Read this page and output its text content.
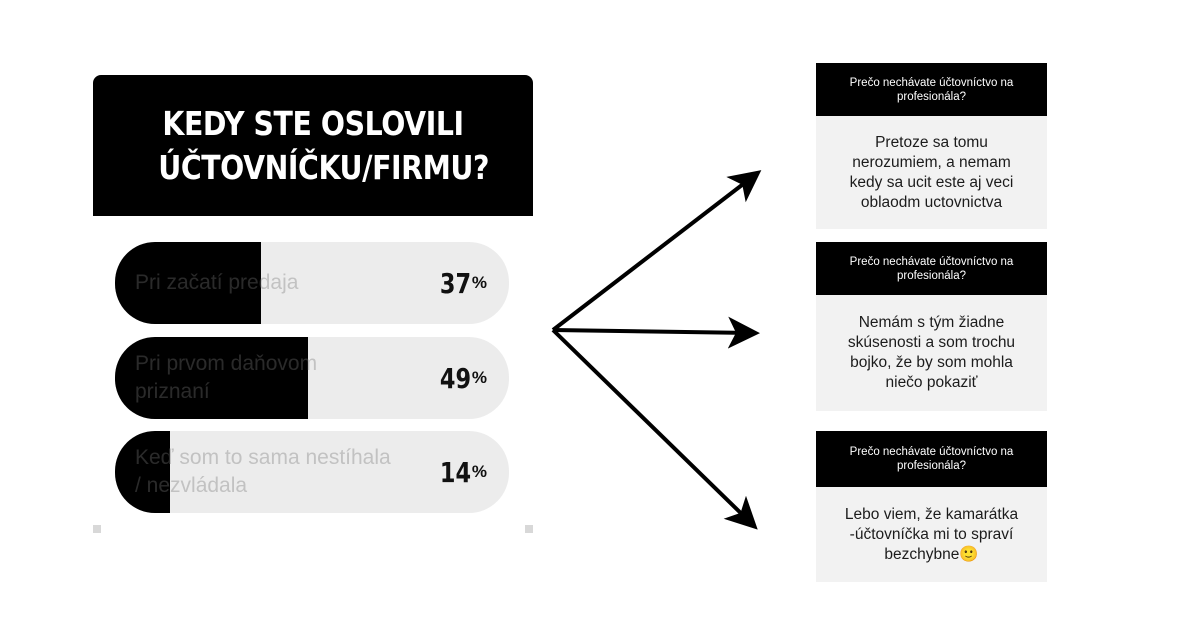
KEDY STE OSLOVILI
ÚČTOVNÍČKU/FIRMU?
Pri začatí predaja	37 %
Pri prvom daňovom priznaní	49 %
Keď som to sama nestíhala / nezvládala	14 %
Prečo nechávate účtovníctvo na profesionála?
Pretoze sa tomu nerozumiem, a nemam kedy sa ucit este aj veci oblaodm uctovnictva
Prečo nechávate účtovníctvo na profesionála?
Nemám s tým žiadne skúsenosti a som trochu bojko, že by som mohla niečo pokaziť
Prečo nechávate účtovníctvo na profesionála?
Lebo viem, že kamarátka -účtovníčka mi to spraví bezchybne🙂
